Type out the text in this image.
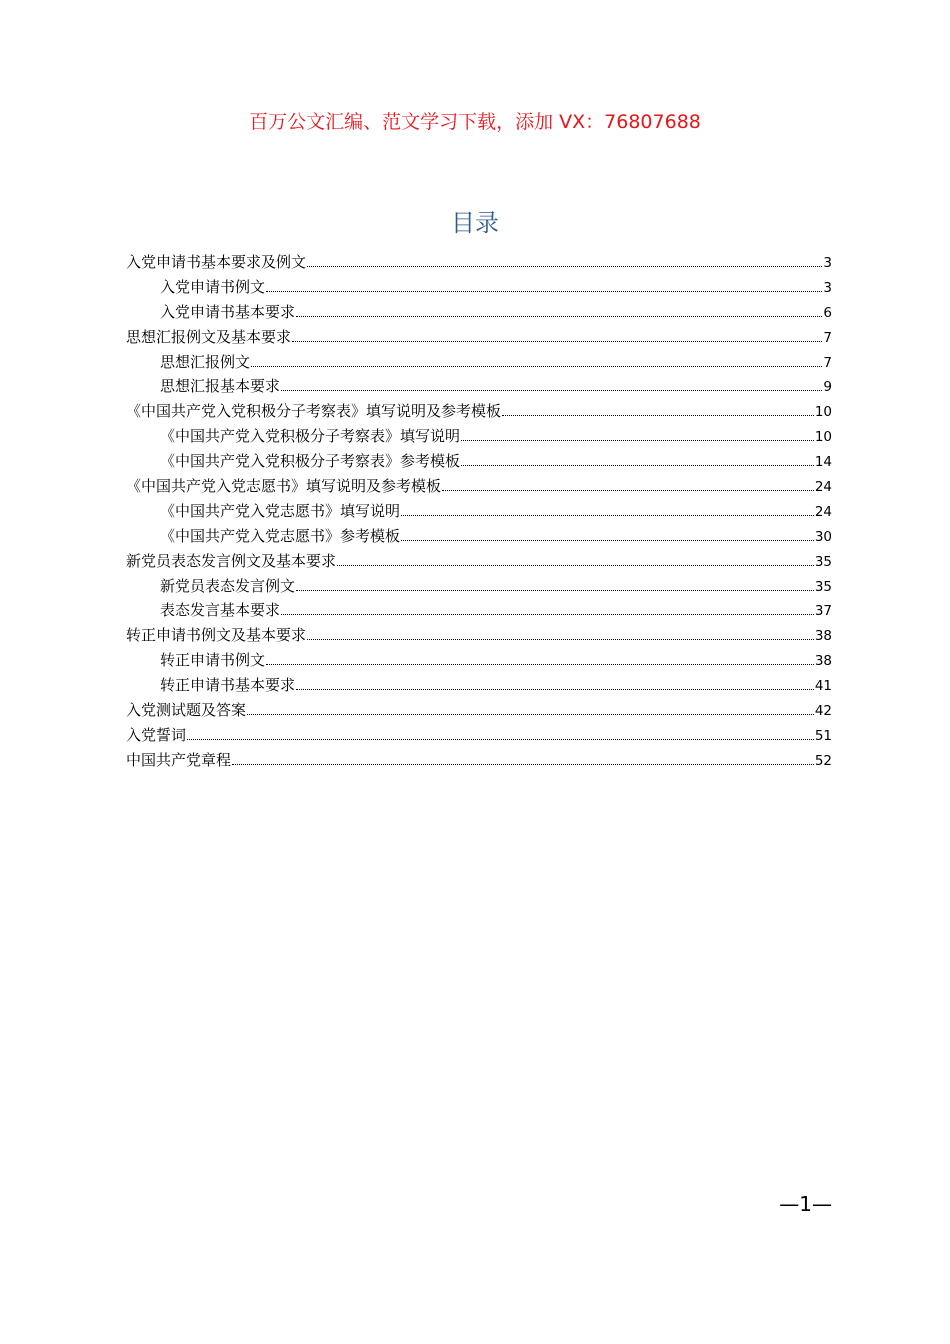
百万公文汇编、范文学习下载，添加 VX：76807688
目录
入党申请书基本要求及例文	3
入党申请书例文	3
入党申请书基本要求	6
思想汇报例文及基本要求	7
思想汇报例文	7
思想汇报基本要求	9
《中国共产党入党积极分子考察表》填写说明及参考模板	10
《中国共产党入党积极分子考察表》填写说明	10
《中国共产党入党积极分子考察表》参考模板	14
《中国共产党入党志愿书》填写说明及参考模板	24
《中国共产党入党志愿书》填写说明	24
《中国共产党入党志愿书》参考模板	30
新党员表态发言例文及基本要求	35
新党员表态发言例文	35
表态发言基本要求	37
转正申请书例文及基本要求	38
转正申请书例文	38
转正申请书基本要求	41
入党测试题及答案	42
入党誓词	51
中国共产党章程	52
—1—
